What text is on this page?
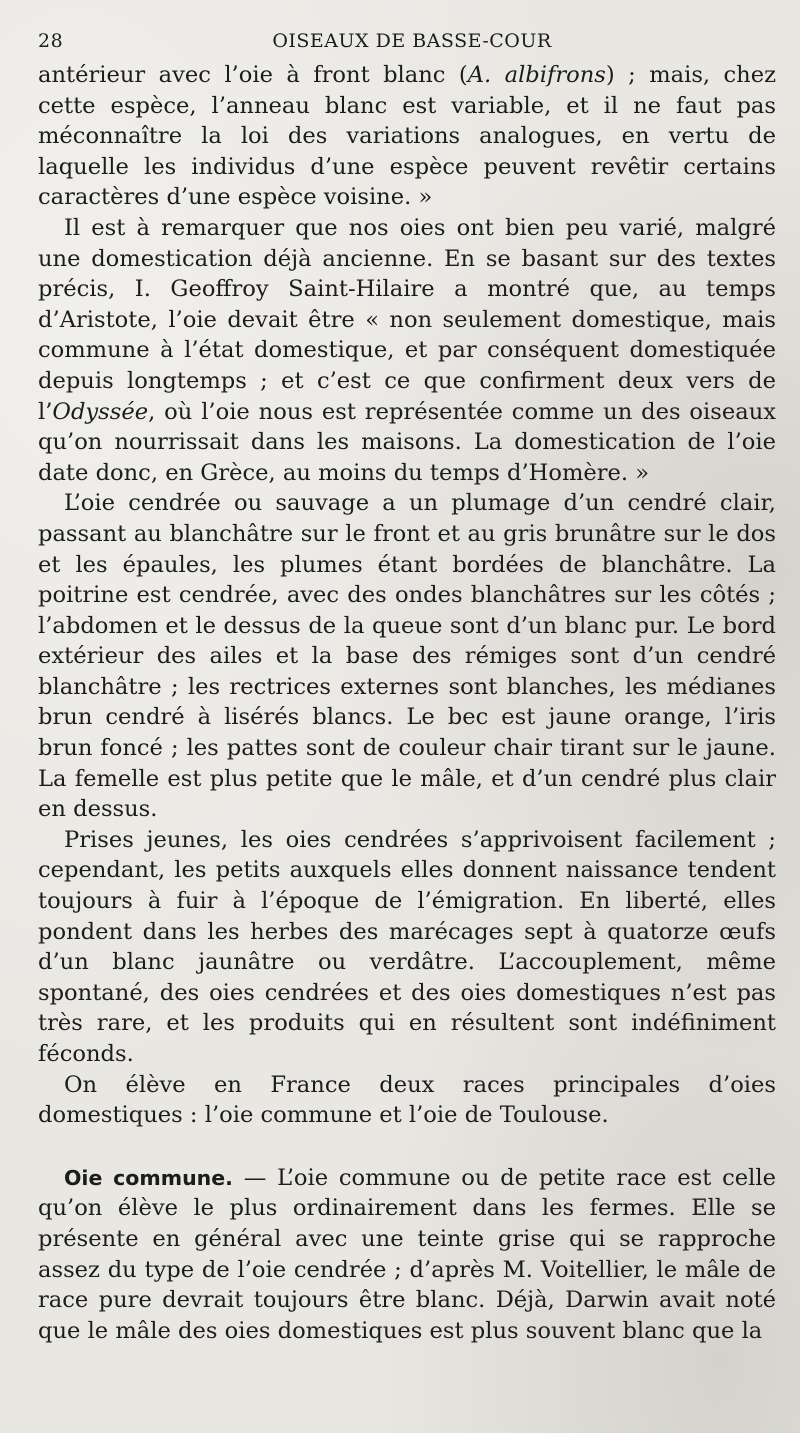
28	OISEAUX DE BASSE-COUR

antérieur avec l’oie à front blanc (A. albifrons) ; mais, chez cette espèce, l’anneau blanc est variable, et il ne faut pas méconnaître la loi des variations analogues, en vertu de laquelle les individus d’une espèce peuvent revêtir certains caractères d’une espèce voisine. »

Il est à remarquer que nos oies ont bien peu varié, malgré une domestication déjà ancienne. En se basant sur des textes précis, I. Geoffroy Saint-Hilaire a montré que, au temps d’Aristote, l’oie devait être « non seulement domestique, mais commune à l’état domestique, et par conséquent domestiquée depuis longtemps ; et c’est ce que confirment deux vers de l’Odyssée, où l’oie nous est représentée comme un des oiseaux qu’on nourrissait dans les maisons. La domestication de l’oie date donc, en Grèce, au moins du temps d’Homère. »

L’oie cendrée ou sauvage a un plumage d’un cendré clair, passant au blanchâtre sur le front et au gris brunâtre sur le dos et les épaules, les plumes étant bordées de blanchâtre. La poitrine est cendrée, avec des ondes blanchâtres sur les côtés ; l’abdomen et le dessus de la queue sont d’un blanc pur. Le bord extérieur des ailes et la base des rémiges sont d’un cendré blanchâtre ; les rectrices externes sont blanches, les médianes brun cendré à lisérés blancs. Le bec est jaune orange, l’iris brun foncé ; les pattes sont de couleur chair tirant sur le jaune. La femelle est plus petite que le mâle, et d’un cendré plus clair en dessus.

Prises jeunes, les oies cendrées s’apprivoisent facilement ; cependant, les petits auxquels elles donnent naissance tendent toujours à fuir à l’époque de l’émigration. En liberté, elles pondent dans les herbes des marécages sept à quatorze œufs d’un blanc jaunâtre ou verdâtre. L’accouplement, même spontané, des oies cendrées et des oies domestiques n’est pas très rare, et les produits qui en résultent sont indéfiniment féconds.

On élève en France deux races principales d’oies domestiques : l’oie commune et l’oie de Toulouse.

Oie commune. — L’oie commune ou de petite race est celle qu’on élève le plus ordinairement dans les fermes. Elle se présente en général avec une teinte grise qui se rapproche assez du type de l’oie cendrée ; d’après M. Voitellier, le mâle de race pure devrait toujours être blanc. Déjà, Darwin avait noté que le mâle des oies domestiques est plus souvent blanc que la
